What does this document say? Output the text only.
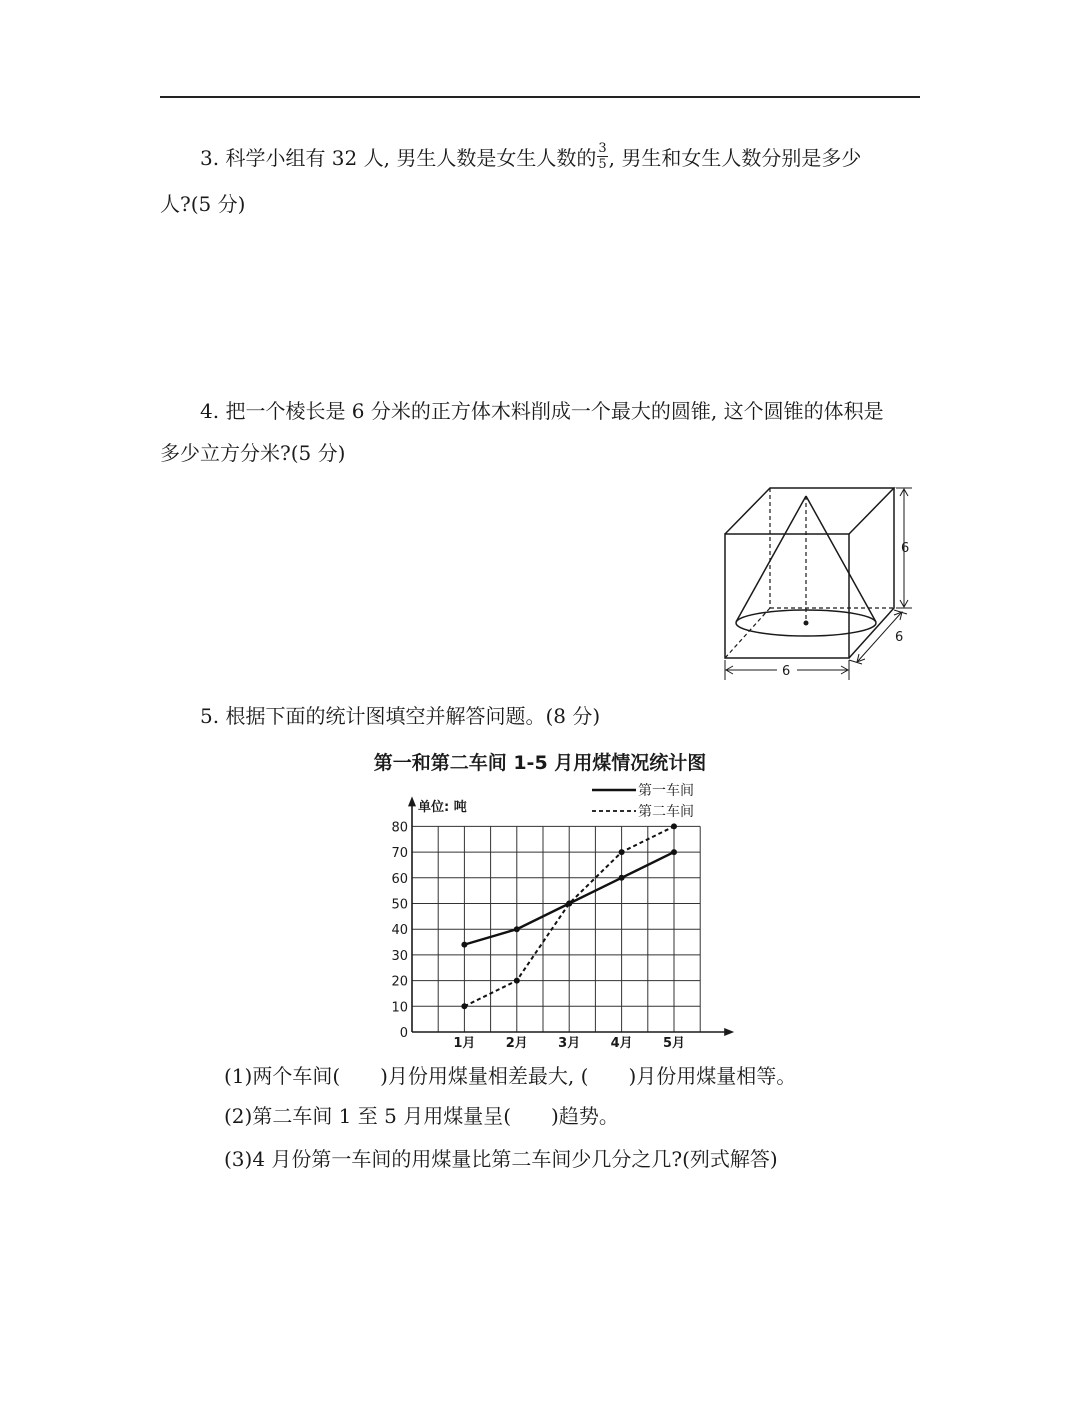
3. 科学小组有 32 人, 男生人数是女生人数的 $\frac{3}{5}$ , 男生和女生人数分别是多少
人?(5 分)
4. 把一个棱长是 6 分米的正方体木料削成一个最大的圆锥, 这个圆锥的体积是
多少立方分米?(5 分)
6
6
6
5. 根据下面的统计图填空并解答问题。(8 分)
第一和第二车间 1-5 月用煤情况统计图
0
10
20
30
40
50
60
70
80
1月 2月 3月 4月 5月
单位: 吨
第一车间
第二车间
(1)两个车间(　　)月份用煤量相差最大, (　　)月份用煤量相等。
(2)第二车间 1 至 5 月用煤量呈(　　)趋势。
(3)4 月份第一车间的用煤量比第二车间少几分之几?(列式解答)
